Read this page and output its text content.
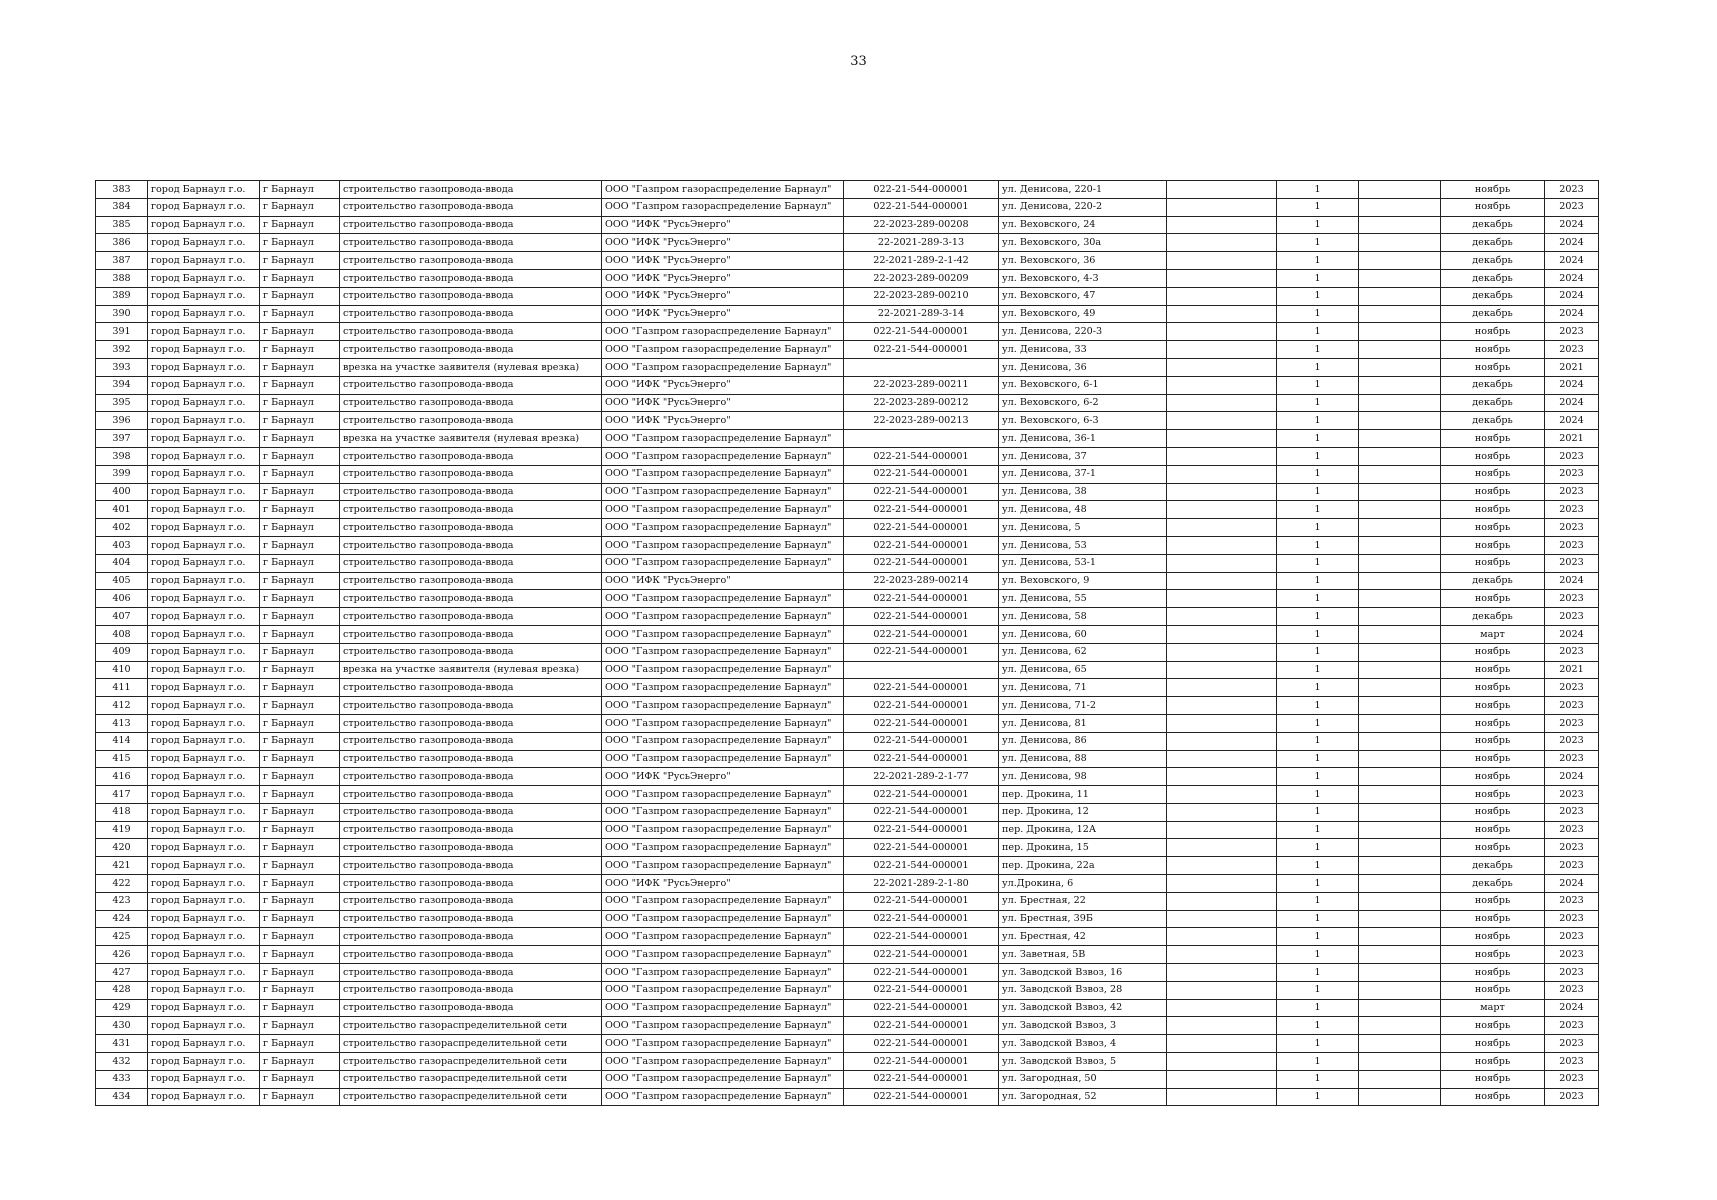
33
383	город Барнаул г.о.	г Барнаул	строительство газопровода-ввода	ООО "Газпром газораспределение Барнаул"	022-21-544-000001	ул. Денисова, 220-1		1		ноябрь	2023
384	город Барнаул г.о.	г Барнаул	строительство газопровода-ввода	ООО "Газпром газораспределение Барнаул"	022-21-544-000001	ул. Денисова, 220-2		1		ноябрь	2023
385	город Барнаул г.о.	г Барнаул	строительство газопровода-ввода	ООО "ИФК "РусьЭнерго"	22-2023-289-00208	ул. Веховского, 24		1		декабрь	2024
386	город Барнаул г.о.	г Барнаул	строительство газопровода-ввода	ООО "ИФК "РусьЭнерго"	22-2021-289-3-13	ул. Веховского, 30а		1		декабрь	2024
387	город Барнаул г.о.	г Барнаул	строительство газопровода-ввода	ООО "ИФК "РусьЭнерго"	22-2021-289-2-1-42	ул. Веховского, 36		1		декабрь	2024
388	город Барнаул г.о.	г Барнаул	строительство газопровода-ввода	ООО "ИФК "РусьЭнерго"	22-2023-289-00209	ул. Веховского, 4-3		1		декабрь	2024
389	город Барнаул г.о.	г Барнаул	строительство газопровода-ввода	ООО "ИФК "РусьЭнерго"	22-2023-289-00210	ул. Веховского, 47		1		декабрь	2024
390	город Барнаул г.о.	г Барнаул	строительство газопровода-ввода	ООО "ИФК "РусьЭнерго"	22-2021-289-3-14	ул. Веховского, 49		1		декабрь	2024
391	город Барнаул г.о.	г Барнаул	строительство газопровода-ввода	ООО "Газпром газораспределение Барнаул"	022-21-544-000001	ул. Денисова, 220-3		1		ноябрь	2023
392	город Барнаул г.о.	г Барнаул	строительство газопровода-ввода	ООО "Газпром газораспределение Барнаул"	022-21-544-000001	ул. Денисова, 33		1		ноябрь	2023
393	город Барнаул г.о.	г Барнаул	врезка на участке заявителя (нулевая врезка)	ООО "Газпром газораспределение Барнаул"		ул. Денисова, 36		1		ноябрь	2021
394	город Барнаул г.о.	г Барнаул	строительство газопровода-ввода	ООО "ИФК "РусьЭнерго"	22-2023-289-00211	ул. Веховского, 6-1		1		декабрь	2024
395	город Барнаул г.о.	г Барнаул	строительство газопровода-ввода	ООО "ИФК "РусьЭнерго"	22-2023-289-00212	ул. Веховского, 6-2		1		декабрь	2024
396	город Барнаул г.о.	г Барнаул	строительство газопровода-ввода	ООО "ИФК "РусьЭнерго"	22-2023-289-00213	ул. Веховского, 6-3		1		декабрь	2024
397	город Барнаул г.о.	г Барнаул	врезка на участке заявителя (нулевая врезка)	ООО "Газпром газораспределение Барнаул"		ул. Денисова, 36-1		1		ноябрь	2021
398	город Барнаул г.о.	г Барнаул	строительство газопровода-ввода	ООО "Газпром газораспределение Барнаул"	022-21-544-000001	ул. Денисова, 37		1		ноябрь	2023
399	город Барнаул г.о.	г Барнаул	строительство газопровода-ввода	ООО "Газпром газораспределение Барнаул"	022-21-544-000001	ул. Денисова, 37-1		1		ноябрь	2023
400	город Барнаул г.о.	г Барнаул	строительство газопровода-ввода	ООО "Газпром газораспределение Барнаул"	022-21-544-000001	ул. Денисова, 38		1		ноябрь	2023
401	город Барнаул г.о.	г Барнаул	строительство газопровода-ввода	ООО "Газпром газораспределение Барнаул"	022-21-544-000001	ул. Денисова, 48		1		ноябрь	2023
402	город Барнаул г.о.	г Барнаул	строительство газопровода-ввода	ООО "Газпром газораспределение Барнаул"	022-21-544-000001	ул. Денисова, 5		1		ноябрь	2023
403	город Барнаул г.о.	г Барнаул	строительство газопровода-ввода	ООО "Газпром газораспределение Барнаул"	022-21-544-000001	ул. Денисова, 53		1		ноябрь	2023
404	город Барнаул г.о.	г Барнаул	строительство газопровода-ввода	ООО "Газпром газораспределение Барнаул"	022-21-544-000001	ул. Денисова, 53-1		1		ноябрь	2023
405	город Барнаул г.о.	г Барнаул	строительство газопровода-ввода	ООО "ИФК "РусьЭнерго"	22-2023-289-00214	ул. Веховского, 9		1		декабрь	2024
406	город Барнаул г.о.	г Барнаул	строительство газопровода-ввода	ООО "Газпром газораспределение Барнаул"	022-21-544-000001	ул. Денисова, 55		1		ноябрь	2023
407	город Барнаул г.о.	г Барнаул	строительство газопровода-ввода	ООО "Газпром газораспределение Барнаул"	022-21-544-000001	ул. Денисова, 58		1		декабрь	2023
408	город Барнаул г.о.	г Барнаул	строительство газопровода-ввода	ООО "Газпром газораспределение Барнаул"	022-21-544-000001	ул. Денисова, 60		1		март	2024
409	город Барнаул г.о.	г Барнаул	строительство газопровода-ввода	ООО "Газпром газораспределение Барнаул"	022-21-544-000001	ул. Денисова, 62		1		ноябрь	2023
410	город Барнаул г.о.	г Барнаул	врезка на участке заявителя (нулевая врезка)	ООО "Газпром газораспределение Барнаул"		ул. Денисова, 65		1		ноябрь	2021
411	город Барнаул г.о.	г Барнаул	строительство газопровода-ввода	ООО "Газпром газораспределение Барнаул"	022-21-544-000001	ул. Денисова, 71		1		ноябрь	2023
412	город Барнаул г.о.	г Барнаул	строительство газопровода-ввода	ООО "Газпром газораспределение Барнаул"	022-21-544-000001	ул. Денисова, 71-2		1		ноябрь	2023
413	город Барнаул г.о.	г Барнаул	строительство газопровода-ввода	ООО "Газпром газораспределение Барнаул"	022-21-544-000001	ул. Денисова, 81		1		ноябрь	2023
414	город Барнаул г.о.	г Барнаул	строительство газопровода-ввода	ООО "Газпром газораспределение Барнаул"	022-21-544-000001	ул. Денисова, 86		1		ноябрь	2023
415	город Барнаул г.о.	г Барнаул	строительство газопровода-ввода	ООО "Газпром газораспределение Барнаул"	022-21-544-000001	ул. Денисова, 88		1		ноябрь	2023
416	город Барнаул г.о.	г Барнаул	строительство газопровода-ввода	ООО "ИФК "РусьЭнерго"	22-2021-289-2-1-77	ул. Денисова, 98		1		ноябрь	2024
417	город Барнаул г.о.	г Барнаул	строительство газопровода-ввода	ООО "Газпром газораспределение Барнаул"	022-21-544-000001	пер. Дрокина, 11		1		ноябрь	2023
418	город Барнаул г.о.	г Барнаул	строительство газопровода-ввода	ООО "Газпром газораспределение Барнаул"	022-21-544-000001	пер. Дрокина, 12		1		ноябрь	2023
419	город Барнаул г.о.	г Барнаул	строительство газопровода-ввода	ООО "Газпром газораспределение Барнаул"	022-21-544-000001	пер. Дрокина, 12А		1		ноябрь	2023
420	город Барнаул г.о.	г Барнаул	строительство газопровода-ввода	ООО "Газпром газораспределение Барнаул"	022-21-544-000001	пер. Дрокина, 15		1		ноябрь	2023
421	город Барнаул г.о.	г Барнаул	строительство газопровода-ввода	ООО "Газпром газораспределение Барнаул"	022-21-544-000001	пер. Дрокина, 22а		1		декабрь	2023
422	город Барнаул г.о.	г Барнаул	строительство газопровода-ввода	ООО "ИФК "РусьЭнерго"	22-2021-289-2-1-80	ул.Дрокина, 6		1		декабрь	2024
423	город Барнаул г.о.	г Барнаул	строительство газопровода-ввода	ООО "Газпром газораспределение Барнаул"	022-21-544-000001	ул. Брестная, 22		1		ноябрь	2023
424	город Барнаул г.о.	г Барнаул	строительство газопровода-ввода	ООО "Газпром газораспределение Барнаул"	022-21-544-000001	ул. Брестная, 39Б		1		ноябрь	2023
425	город Барнаул г.о.	г Барнаул	строительство газопровода-ввода	ООО "Газпром газораспределение Барнаул"	022-21-544-000001	ул. Брестная, 42		1		ноябрь	2023
426	город Барнаул г.о.	г Барнаул	строительство газопровода-ввода	ООО "Газпром газораспределение Барнаул"	022-21-544-000001	ул. Заветная, 5В		1		ноябрь	2023
427	город Барнаул г.о.	г Барнаул	строительство газопровода-ввода	ООО "Газпром газораспределение Барнаул"	022-21-544-000001	ул. Заводской Взвоз, 16		1		ноябрь	2023
428	город Барнаул г.о.	г Барнаул	строительство газопровода-ввода	ООО "Газпром газораспределение Барнаул"	022-21-544-000001	ул. Заводской Взвоз, 28		1		ноябрь	2023
429	город Барнаул г.о.	г Барнаул	строительство газопровода-ввода	ООО "Газпром газораспределение Барнаул"	022-21-544-000001	ул. Заводской Взвоз, 42		1		март	2024
430	город Барнаул г.о.	г Барнаул	строительство газораспределительной сети	ООО "Газпром газораспределение Барнаул"	022-21-544-000001	ул. Заводской Взвоз, 3		1		ноябрь	2023
431	город Барнаул г.о.	г Барнаул	строительство газораспределительной сети	ООО "Газпром газораспределение Барнаул"	022-21-544-000001	ул. Заводской Взвоз, 4		1		ноябрь	2023
432	город Барнаул г.о.	г Барнаул	строительство газораспределительной сети	ООО "Газпром газораспределение Барнаул"	022-21-544-000001	ул. Заводской Взвоз, 5		1		ноябрь	2023
433	город Барнаул г.о.	г Барнаул	строительство газораспределительной сети	ООО "Газпром газораспределение Барнаул"	022-21-544-000001	ул. Загородная, 50		1		ноябрь	2023
434	город Барнаул г.о.	г Барнаул	строительство газораспределительной сети	ООО "Газпром газораспределение Барнаул"	022-21-544-000001	ул. Загородная, 52		1		ноябрь	2023
